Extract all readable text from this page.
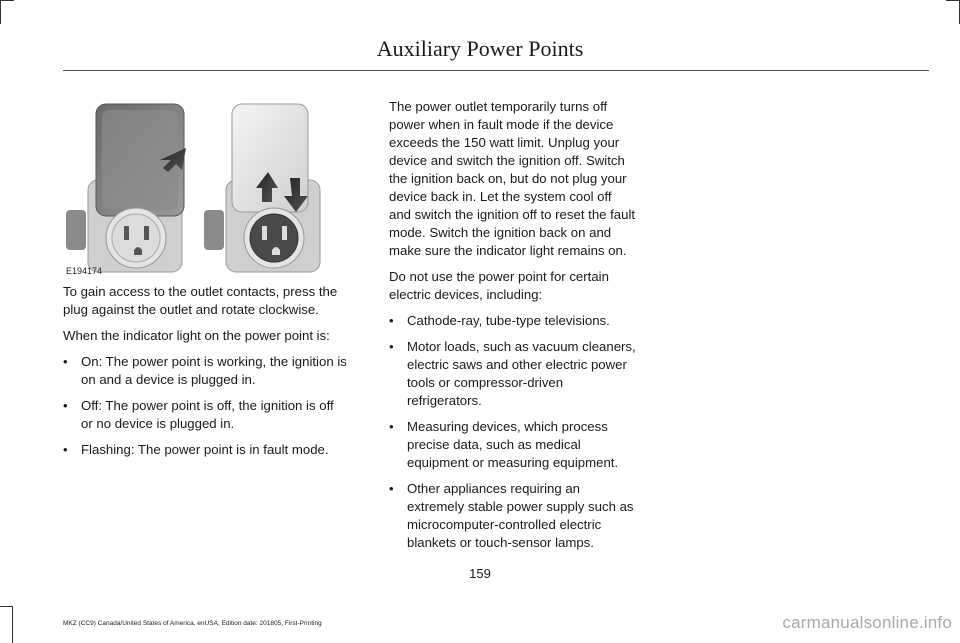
Auxiliary Power Points
E194174

To gain access to the outlet contacts, press the plug against the outlet and rotate clockwise.

When the indicator light on the power point is:

• On: The power point is working, the ignition is on and a device is plugged in.
• Off: The power point is off, the ignition is off or no device is plugged in.
• Flashing: The power point is in fault mode.

The power outlet temporarily turns off power when in fault mode if the device exceeds the 150 watt limit. Unplug your device and switch the ignition off. Switch the ignition back on, but do not plug your device back in. Let the system cool off and switch the ignition off to reset the fault mode. Switch the ignition back on and make sure the indicator light remains on.

Do not use the power point for certain electric devices, including:

• Cathode-ray, tube-type televisions.
• Motor loads, such as vacuum cleaners, electric saws and other electric power tools or compressor-driven refrigerators.
• Measuring devices, which process precise data, such as medical equipment or measuring equipment.
• Other appliances requiring an extremely stable power supply such as microcomputer-controlled electric blankets or touch-sensor lamps.
159
MKZ (CC9) Canada/United States of America, enUSA, Edition date: 201805, First-Printing	carmanualsonline.info
